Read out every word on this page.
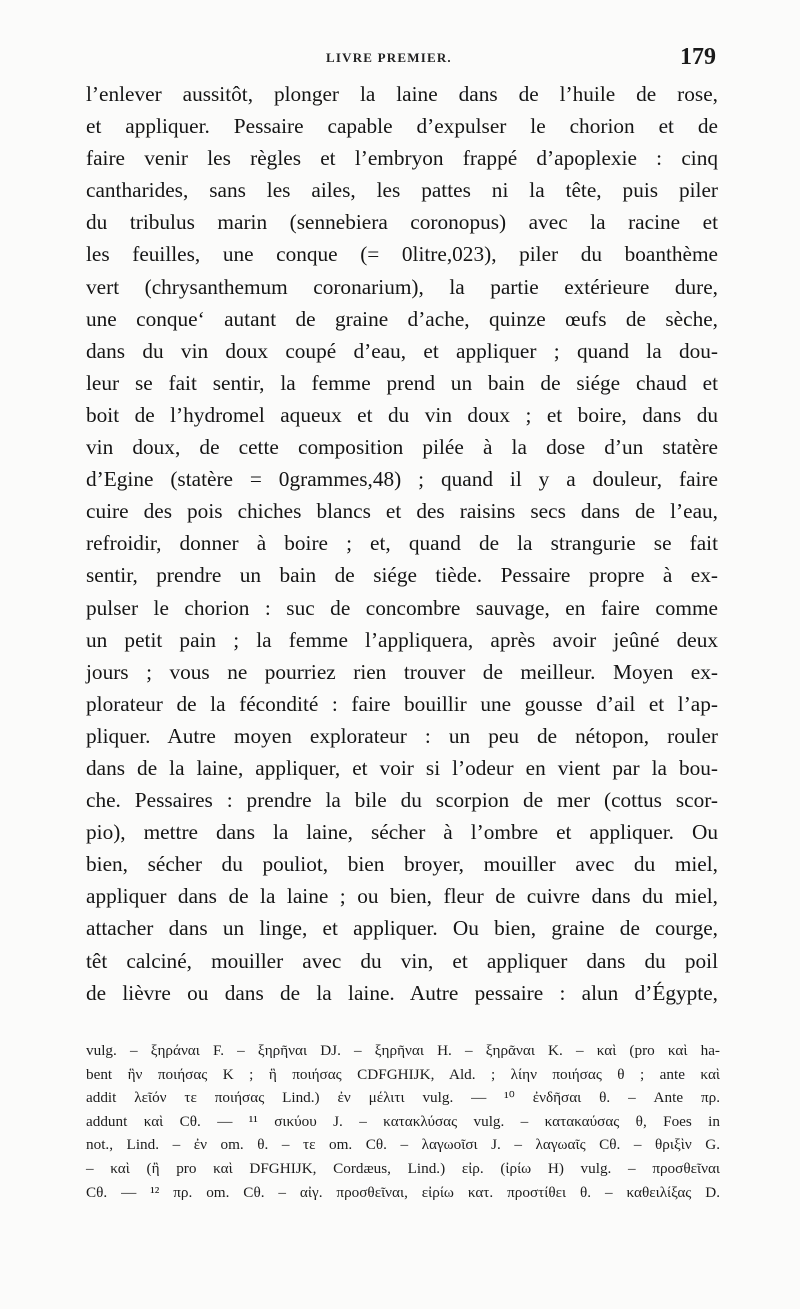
LIVRE PREMIER.	179
l’enlever aussitôt, plonger la laine dans de l’huile de rose,
et appliquer. Pessaire capable d’expulser le chorion et de
faire venir les règles et l’embryon frappé d’apoplexie : cinq
cantharides, sans les ailes, les pattes ni la tête, puis piler
du tribulus marin (sennebiera coronopus) avec la racine et
les feuilles, une conque (= 0litre,023), piler du boanthème
vert (chrysanthemum coronarium), la partie extérieure dure,
une conque‘ autant de graine d’ache, quinze œufs de sèche,
dans du vin doux coupé d’eau, et appliquer ; quand la dou-
leur se fait sentir, la femme prend un bain de siége chaud et
boit de l’hydromel aqueux et du vin doux ; et boire, dans du
vin doux, de cette composition pilée à la dose d’un statère
d’Egine (statère = 0grammes,48) ; quand il y a douleur, faire
cuire des pois chiches blancs et des raisins secs dans de l’eau,
refroidir, donner à boire ; et, quand de la strangurie se fait
sentir, prendre un bain de siége tiède. Pessaire propre à ex-
pulser le chorion : suc de concombre sauvage, en faire comme
un petit pain ; la femme l’appliquera, après avoir jeûné deux
jours ; vous ne pourriez rien trouver de meilleur. Moyen ex-
plorateur de la fécondité : faire bouillir une gousse d’ail et l’ap-
pliquer. Autre moyen explorateur : un peu de nétopon, rouler
dans de la laine, appliquer, et voir si l’odeur en vient par la bou-
che. Pessaires : prendre la bile du scorpion de mer (cottus scor-
pio), mettre dans la laine, sécher à l’ombre et appliquer. Ou
bien, sécher du pouliot, bien broyer, mouiller avec du miel,
appliquer dans de la laine ; ou bien, fleur de cuivre dans du miel,
attacher dans un linge, et appliquer. Ou bien, graine de courge,
têt calciné, mouiller avec du vin, et appliquer dans du poil
de lièvre ou dans de la laine. Autre pessaire : alun d’Égypte,
vulg. – ξηράναι F. – ξηρῆναι DJ. – ξηρῆναι H. – ξηρᾶναι K. – καὶ (pro καὶ ha-
bent ἣν ποιήσας K ; ἣ ποιήσας CDFGHIJK, Ald. ; λίην ποιήσας θ ; ante καὶ
addit λεῖόν τε ποιήσας Lind.) ἐν μέλιτι vulg. — ¹⁰ ἐνδῆσαι θ. – Ante πρ.
addunt καὶ Cθ. — ¹¹ σικύου J. – κατακλύσας vulg. – κατακαύσας θ, Foes in
not., Lind. – ἐν om. θ. – τε om. Cθ. – λαγωοῖσι J. – λαγωαῖς Cθ. – θριξὶν G.
– καὶ (ἢ pro καὶ DFGHIJK, Cordæus, Lind.) εἰρ. (ἰρίω H) vulg. – προσθεῖναι
Cθ. — ¹² πρ. om. Cθ. – αἰγ. προσθεῖναι, εἰρίω κατ. προστίθει θ. – καθειλίξας D.
